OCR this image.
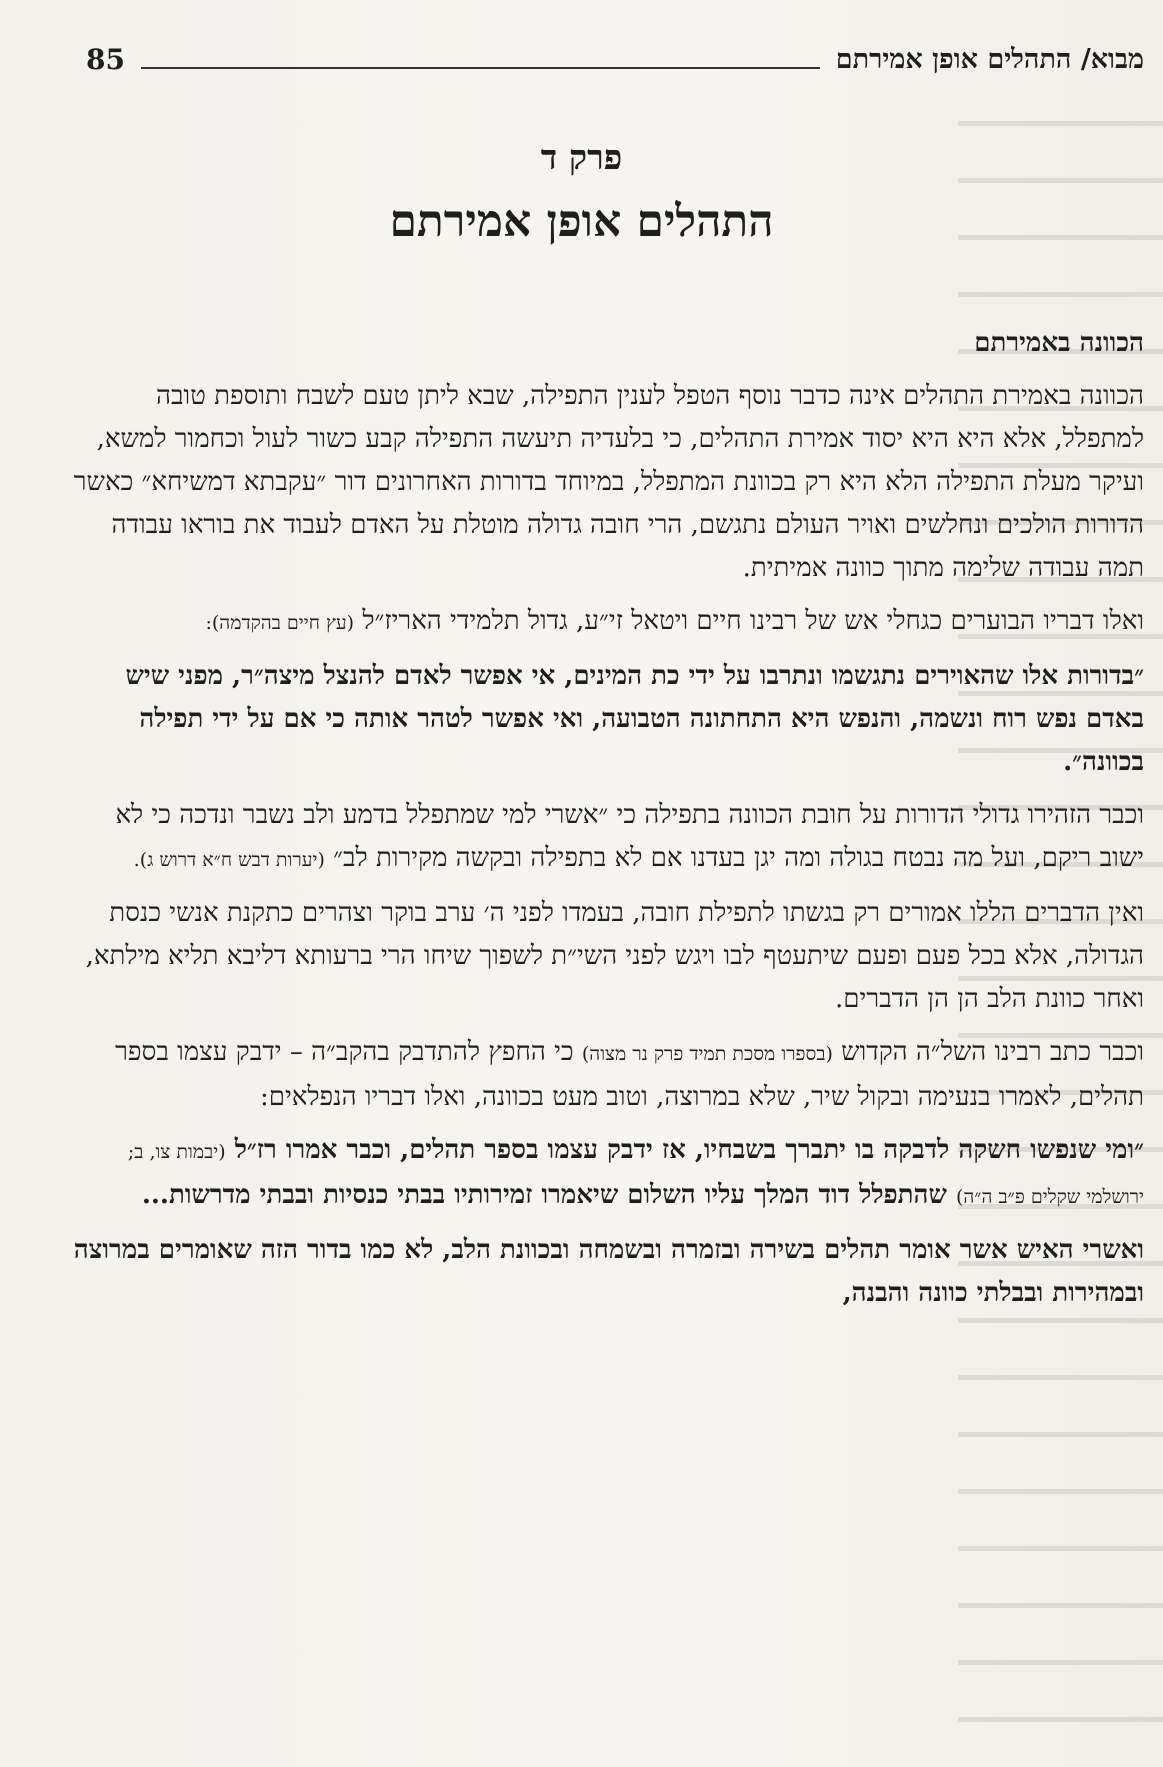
מבוא/ התהלים אופן אמירתם
85
פרק ד
התהלים אופן אמירתם

הכוונה באמירתם

הכוונה באמירת התהלים אינה כדבר נוסף הטפל לענין התפילה, שבא ליתן טעם לשבח ותוספת טובה למתפלל, אלא היא היא יסוד אמירת התהלים, כי בלעדיה תיעשה התפילה קבע כשור לעול וכחמור למשא, ועיקר מעלת התפילה הלא היא רק בכוונת המתפלל, במיוחד בדורות האחרונים דור ״עקבתא דמשיחא״ כאשר הדורות הולכים ונחלשים ואויר העולם נתגשם, הרי חובה גדולה מוטלת על האדם לעבוד את בוראו עבודה תמה עבודה שלימה מתוך כוונה אמיתית.

ואלו דבריו הבוערים כגחלי אש של רבינו חיים ויטאל זי״ע, גדול תלמידי האריז״ל (עץ חיים בהקדמה):

״בדורות אלו שהאוירים נתגשמו ונתרבו על ידי כת המינים, אי אפשר לאדם להנצל מיצה״ר, מפני שיש באדם נפש רוח ונשמה, והנפש היא התחתונה הטבועה, ואי אפשר לטהר אותה כי אם על ידי תפילה בכוונה״.

וכבר הזהירו גדולי הדורות על חובת הכוונה בתפילה כי ״אשרי למי שמתפלל בדמע ולב נשבר ונדכה כי לא ישוב ריקם, ועל מה נבטח בגולה ומה יגן בעדנו אם לא בתפילה ובקשה מקירות לב״ (יערות דבש ח״א דרוש ג).

ואין הדברים הללו אמורים רק בגשתו לתפילת חובה, בעמדו לפני ה׳ ערב בוקר וצהרים כתקנת אנשי כנסת הגדולה, אלא בכל פעם ופעם שיתעטף לבו ויגש לפני השי״ת לשפוך שיחו הרי ברעותא דליבא תליא מילתא, ואחר כוונת הלב הן הן הדברים.

וכבר כתב רבינו השל״ה הקדוש (בספרו מסכת תמיד פרק נר מצוה) כי החפץ להתדבק בהקב״ה – ידבק עצמו בספר תהלים, לאמרו בנעימה ובקול שיר, שלא במרוצה, וטוב מעט בכוונה, ואלו דבריו הנפלאים:

״ומי שנפשו חשקה לדבקה בו יתברך בשבחיו, אז ידבק עצמו בספר תהלים, וכבר אמרו רז״ל (יבמות צו, ב; ירושלמי שקלים פ״ב ה״ה) שהתפלל דוד המלך עליו השלום שיאמרו זמירותיו בבתי כנסיות ובבתי מדרשות...

ואשרי האיש אשר אומר תהלים בשירה ובזמרה ובשמחה ובכוונת הלב, לא כמו בדור הזה שאומרים במרוצה ובמהירות ובבלתי כוונה והבנה,
